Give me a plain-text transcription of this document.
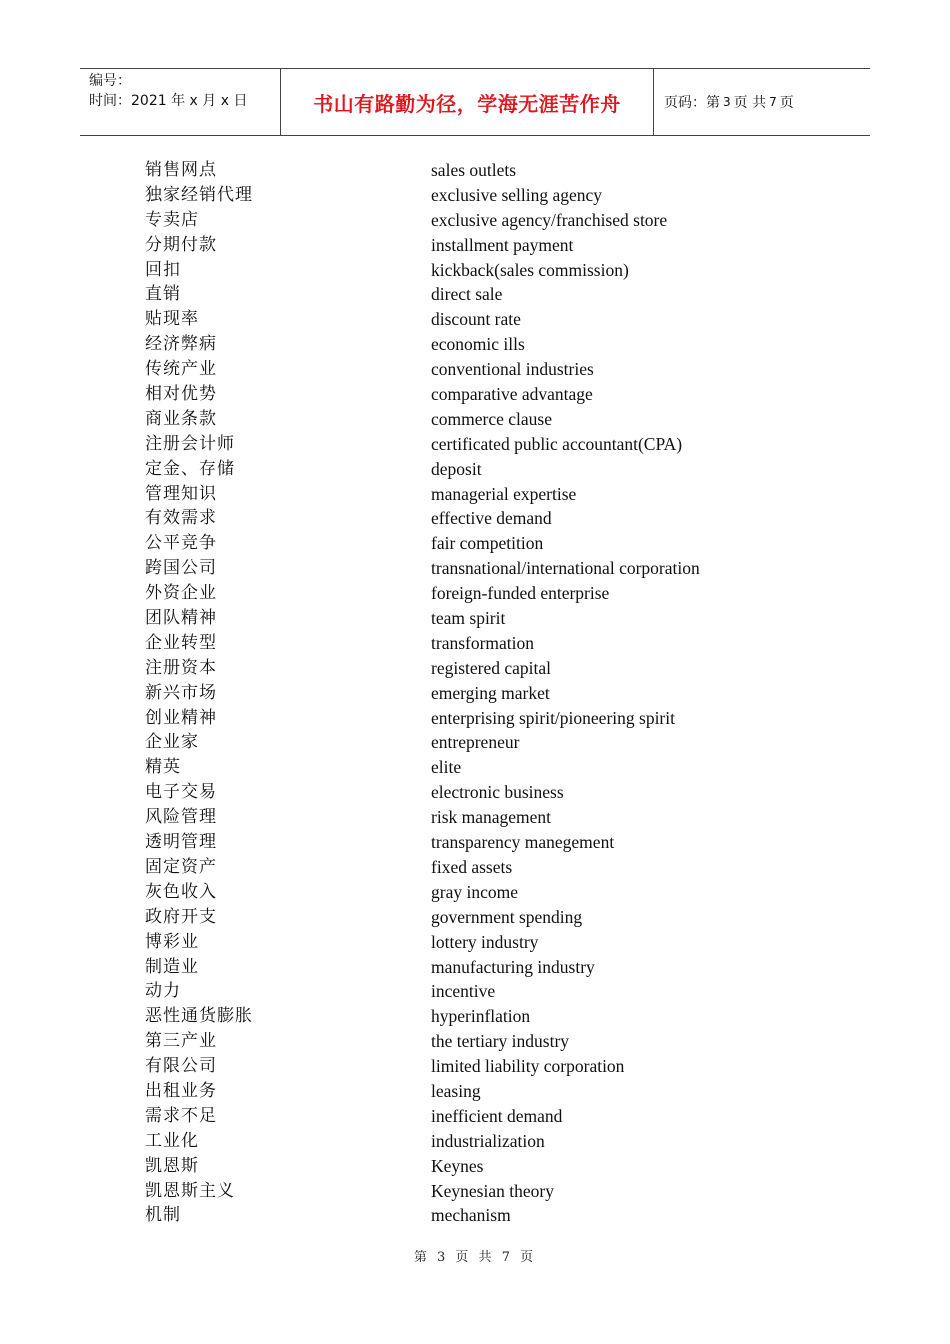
编号：
时间：2021 年 x 月 x 日	书山有路勤为径，学海无涯苦作舟	页码：第 3 页 共 7 页
销售网点	sales outlets
独家经销代理	exclusive selling agency
专卖店	exclusive agency/franchised store
分期付款	installment payment
回扣	kickback(sales commission)
直销	direct sale
贴现率	discount rate
经济弊病	economic ills
传统产业	conventional industries
相对优势	comparative advantage
商业条款	commerce clause
注册会计师	certificated public accountant(CPA)
定金、存储	deposit
管理知识	managerial expertise
有效需求	effective demand
公平竞争	fair competition
跨国公司	transnational/international corporation
外资企业	foreign-funded enterprise
团队精神	team spirit
企业转型	transformation
注册资本	registered capital
新兴市场	emerging market
创业精神	enterprising spirit/pioneering spirit
企业家	entrepreneur
精英	elite
电子交易	electronic business
风险管理	risk management
透明管理	transparency manegement
固定资产	fixed assets
灰色收入	gray income
政府开支	government spending
博彩业	lottery industry
制造业	manufacturing industry
动力	incentive
恶性通货膨胀	hyperinflation
第三产业	the tertiary industry
有限公司	limited liability corporation
出租业务	leasing
需求不足	inefficient demand
工业化	industrialization
凯恩斯	Keynes
凯恩斯主义	Keynesian theory
机制	mechanism
第 3 页 共 7 页
